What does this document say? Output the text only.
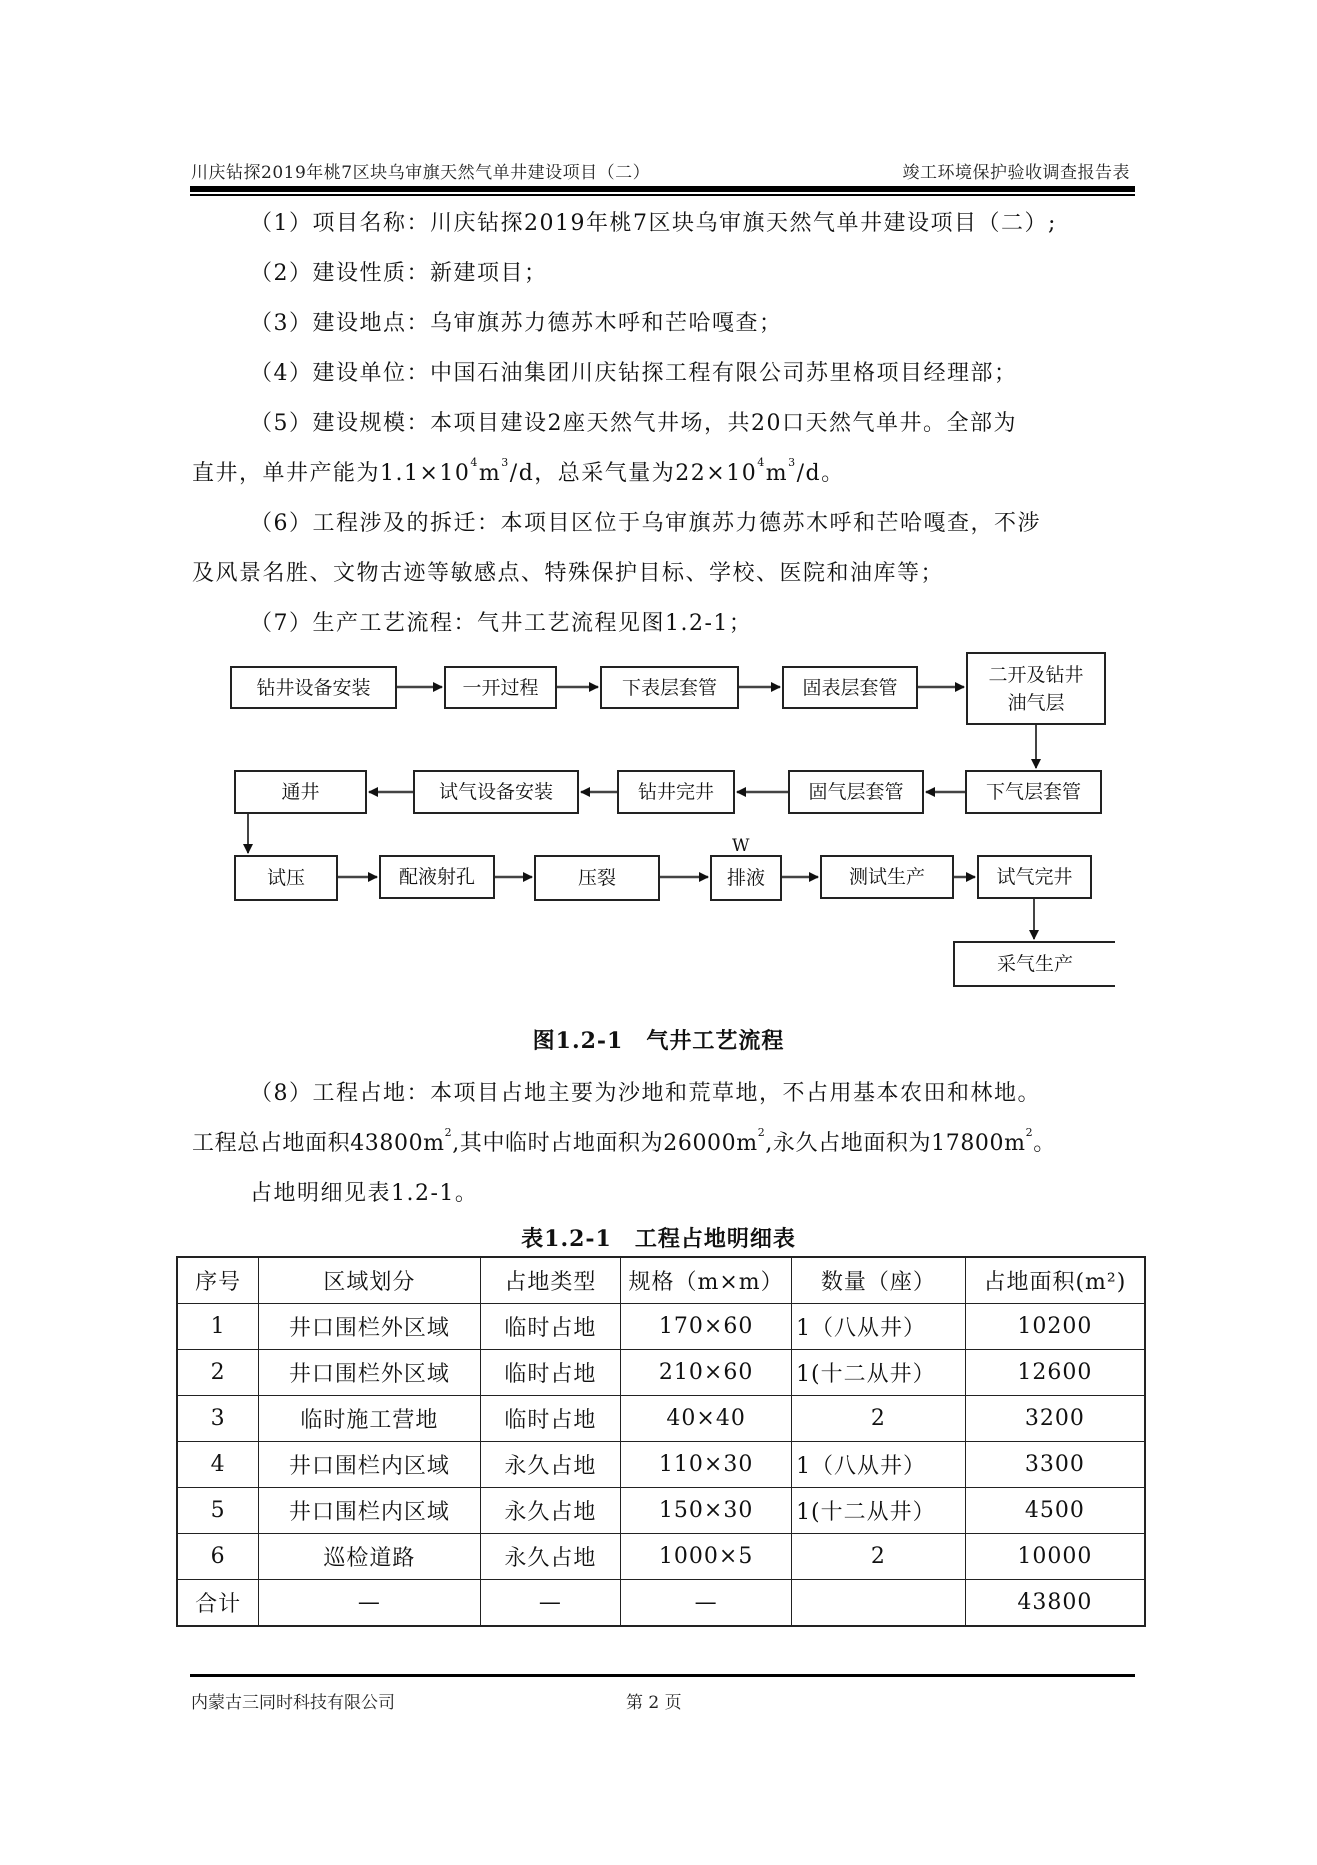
川庆钻探2019年桃7区块乌审旗天然气单井建设项目（二）	竣工环境保护验收调查报告表
（1）项目名称：川庆钻探2019年桃7区块乌审旗天然气单井建设项目（二）;
（2）建设性质：新建项目；
（3）建设地点：乌审旗苏力德苏木呼和芒哈嘎查；
（4）建设单位：中国石油集团川庆钻探工程有限公司苏里格项目经理部；
（5）建设规模：本项目建设2座天然气井场，共20口天然气单井。全部为
直井，单井产能为$1.1\times 10^4m^3/d$，总采气量为$22\times 10^4m^3/d$。
（6）工程涉及的拆迁：本项目区位于乌审旗苏力德苏木呼和芒哈嘎查，不涉
及风景名胜、文物古迹等敏感点、特殊保护目标、学校、医院和油库等；
（7）生产工艺流程：气井工艺流程见图1.2-1；
钻井设备安装	一开过程	下表层套管	固表层套管
二开及钻井
油气层
下气层套管
固气层套管
钻井完井
试气设备安装
通井
试压	配液射孔	压裂	排液	测试生产	试气完井
采气生产
W
图1.2-1　气井工艺流程
（8）工程占地：本项目占地主要为沙地和荒草地，不占用基本农田和林地。
工程总占地面积$43800m^2$,其中临时占地面积为$26000m^2$,永久占地面积为$17800m^2$。
占地明细见表1.2-1。
表1.2-1　工程占地明细表
序号	区域划分	占地类型	规格（m×m）	数量（座）	占地面积(m²)
1	井口围栏外区域	临时占地	170×60	1（八从井）	10200
2	井口围栏外区域	临时占地	210×60	1(十二从井）	12600
3	临时施工营地	临时占地	40×40	2	3200
4	井口围栏内区域	永久占地	110×30	1（八从井）	3300
5	井口围栏内区域	永久占地	150×30	1(十二从井）	4500
6	巡检道路	永久占地	1000×5	2	10000
合计	—	—	—		43800
内蒙古三同时科技有限公司	第 2 页
